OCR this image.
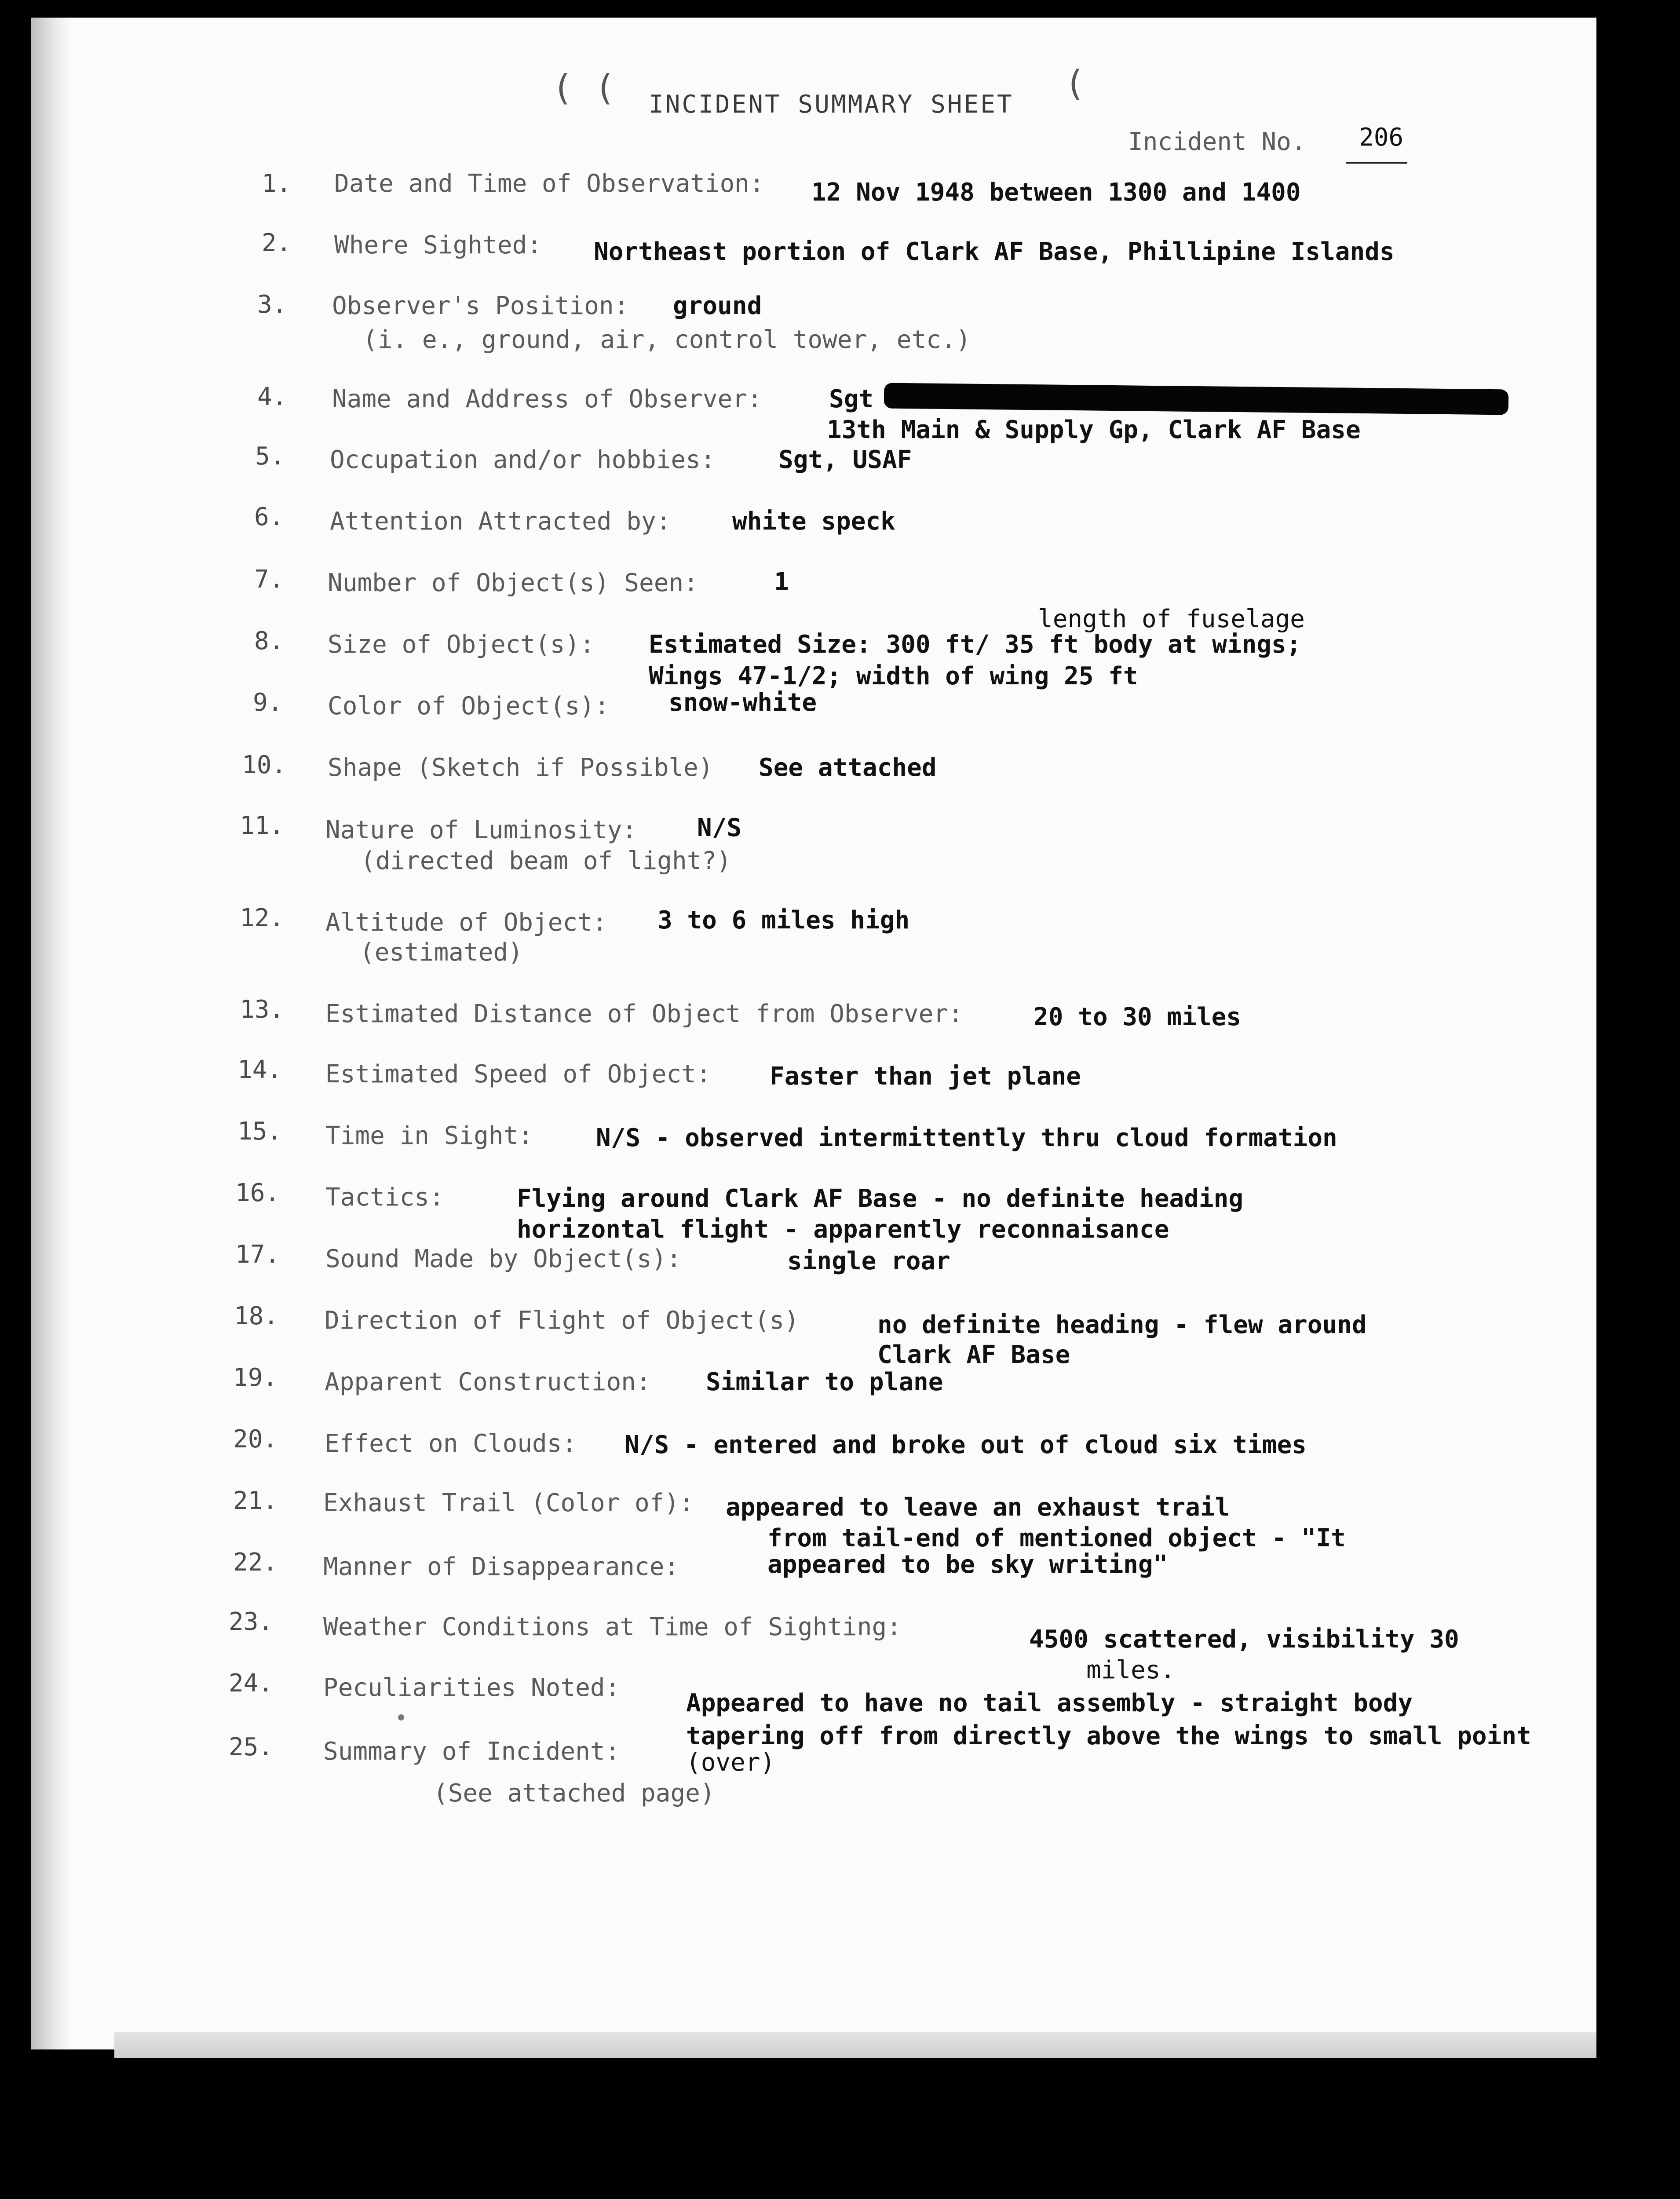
( (	(
INCIDENT SUMMARY SHEET
Incident No. 206
1. Date and Time of Observation: 12 Nov 1948 between 1300 and 1400
2. Where Sighted: Northeast portion of Clark AF Base, Phillipine Islands
3. Observer's Position: ground
(i. e., ground, air, control tower, etc.)
4. Name and Address of Observer:	Sgt
13th Main & Supply Gp, Clark AF Base
5. Occupation and/or hobbies:	Sgt, USAF
6. Attention Attracted by: white speck
7. Number of Object(s) Seen:	1
length of fuselage
8. Size of Object(s): Estimated Size: 300 ft/ 35 ft body at wings;
Wings 47-1/2; width of wing 25 ft
9. Color of Object(s): snow-white
10. Shape (Sketch if Possible) See attached
11. Nature of Luminosity: N/S
(directed beam of light?)
12. Altitude of Object: 3 to 6 miles high
(estimated)
13. Estimated Distance of Object from Observer:	20 to 30 miles
14. Estimated Speed of Object: Faster than jet plane
15. Time in Sight:	N/S - observed intermittently thru cloud formation
16. Tactics:	Flying around Clark AF Base - no definite heading
horizontal flight - apparently reconnaisance
17. Sound Made by Object(s):	single roar
18. Direction of Flight of Object(s)	no definite heading - flew around
Clark AF Base
19. Apparent Construction: Similar to plane
20. Effect on Clouds: N/S - entered and broke out of cloud six times
21. Exhaust Trail (Color of): appeared to leave an exhaust trail
from tail-end of mentioned object - "It
22. Manner of Disappearance:	appeared to be sky writing"
23. Weather Conditions at Time of Sighting:	4500 scattered, visibility 30
miles.
24. Peculiarities Noted:
Appeared to have no tail assembly - straight body
tapering off from directly above the wings to small point
25. Summary of Incident:	(over)
(See attached page)
